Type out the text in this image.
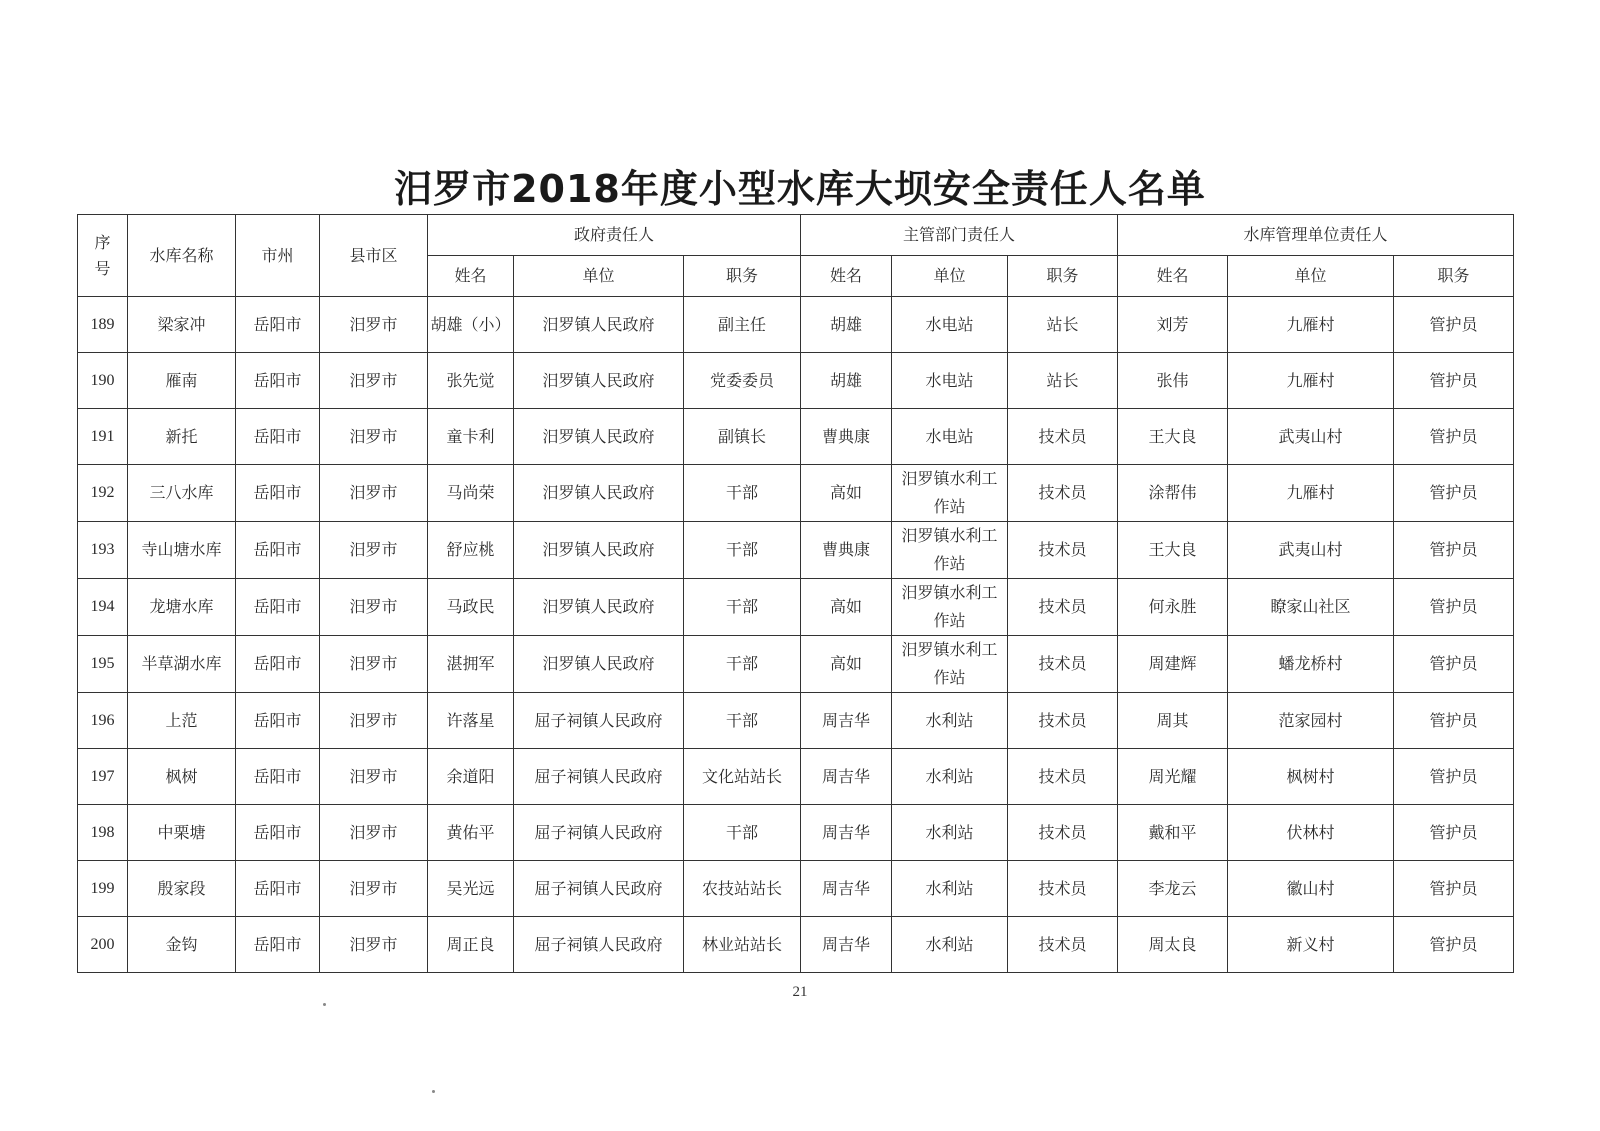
汨罗市2018年度小型水库大坝安全责任人名单
序号	水库名称	市州	县市区	政府责任人			主管部门责任人			水库管理单位责任人		
				姓名	单位	职务	姓名	单位	职务	姓名	单位	职务
189	梁家冲	岳阳市	汨罗市	胡雄（小）	汨罗镇人民政府	副主任	胡雄	水电站	站长	刘芳	九雁村	管护员
190	雁南	岳阳市	汨罗市	张先觉	汨罗镇人民政府	党委委员	胡雄	水电站	站长	张伟	九雁村	管护员
191	新托	岳阳市	汨罗市	童卡利	汨罗镇人民政府	副镇长	曹典康	水电站	技术员	王大良	武夷山村	管护员
192	三八水库	岳阳市	汨罗市	马尚荣	汨罗镇人民政府	干部	高如	汨罗镇水利工作站	技术员	涂帮伟	九雁村	管护员
193	寺山塘水库	岳阳市	汨罗市	舒应桃	汨罗镇人民政府	干部	曹典康	汨罗镇水利工作站	技术员	王大良	武夷山村	管护员
194	龙塘水库	岳阳市	汨罗市	马政民	汨罗镇人民政府	干部	高如	汨罗镇水利工作站	技术员	何永胜	瞭家山社区	管护员
195	半草湖水库	岳阳市	汨罗市	湛拥军	汨罗镇人民政府	干部	高如	汨罗镇水利工作站	技术员	周建辉	蟠龙桥村	管护员
196	上范	岳阳市	汨罗市	许落星	屈子祠镇人民政府	干部	周吉华	水利站	技术员	周其	范家园村	管护员
197	枫树	岳阳市	汨罗市	余道阳	屈子祠镇人民政府	文化站站长	周吉华	水利站	技术员	周光耀	枫树村	管护员
198	中栗塘	岳阳市	汨罗市	黄佑平	屈子祠镇人民政府	干部	周吉华	水利站	技术员	戴和平	伏林村	管护员
199	殷家段	岳阳市	汨罗市	吴光远	屈子祠镇人民政府	农技站站长	周吉华	水利站	技术员	李龙云	徽山村	管护员
200	金钩	岳阳市	汨罗市	周正良	屈子祠镇人民政府	林业站站长	周吉华	水利站	技术员	周太良	新义村	管护员
21
